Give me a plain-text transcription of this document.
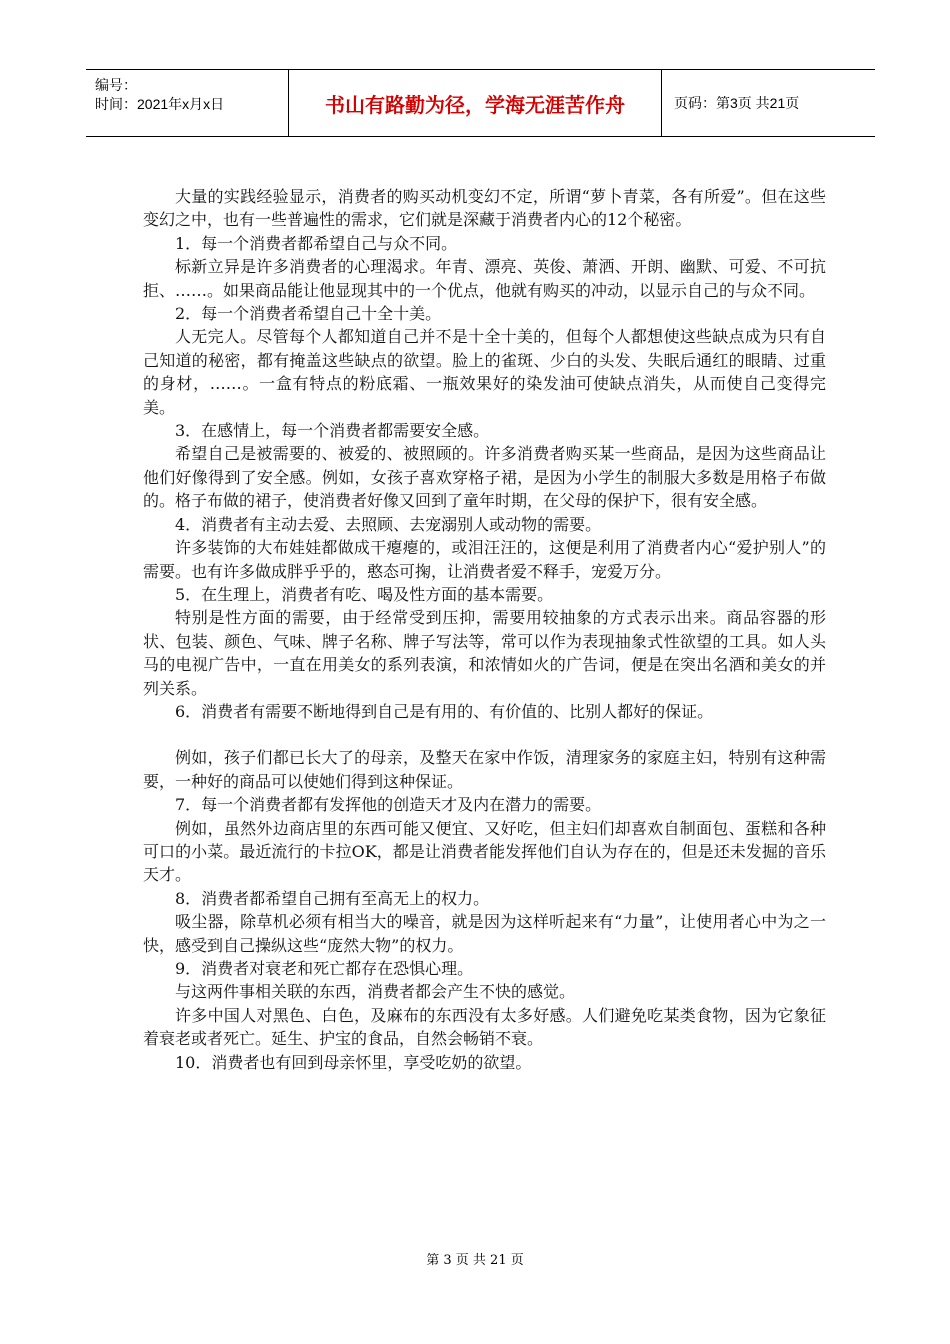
编号：
时间：2021年x月x日	书山有路勤为径，学海无涯苦作舟	页码：第3页 共21页

大量的实践经验显示，消费者的购买动机变幻不定，所谓“萝卜青菜，各有所爱”。但在这些变幻之中，也有一些普遍性的需求，它们就是深藏于消费者内心的12个秘密。

1．每一个消费者都希望自己与众不同。

标新立异是许多消费者的心理渴求。年青、漂亮、英俊、萧洒、开朗、幽默、可爱、不可抗拒、……。如果商品能让他显现其中的一个优点，他就有购买的冲动，以显示自己的与众不同。

2．每一个消费者希望自己十全十美。

人无完人。尽管每个人都知道自己并不是十全十美的，但每个人都想使这些缺点成为只有自己知道的秘密，都有掩盖这些缺点的欲望。脸上的雀斑、少白的头发、失眠后通红的眼睛、过重的身材，……。一盒有特点的粉底霜、一瓶效果好的染发油可使缺点消失，从而使自己变得完美。

3．在感情上，每一个消费者都需要安全感。

希望自己是被需要的、被爱的、被照顾的。许多消费者购买某一些商品，是因为这些商品让他们好像得到了安全感。例如，女孩子喜欢穿格子裙，是因为小学生的制服大多数是用格子布做的。格子布做的裙子，使消费者好像又回到了童年时期，在父母的保护下，很有安全感。

4．消费者有主动去爱、去照顾、去宠溺别人或动物的需要。

许多装饰的大布娃娃都做成干瘪瘪的，或泪汪汪的，这便是利用了消费者内心“爱护别人”的需要。也有许多做成胖乎乎的，憨态可掬，让消费者爱不释手，宠爱万分。

5．在生理上，消费者有吃、喝及性方面的基本需要。

特别是性方面的需要，由于经常受到压抑，需要用较抽象的方式表示出来。商品容器的形状、包装、颜色、气味、牌子名称、牌子写法等，常可以作为表现抽象式性欲望的工具。如人头马的电视广告中，一直在用美女的系列表演，和浓情如火的广告词，便是在突出名酒和美女的并列关系。

6．消费者有需要不断地得到自己是有用的、有价值的、比别人都好的保证。

例如，孩子们都已长大了的母亲，及整天在家中作饭，清理家务的家庭主妇，特别有这种需要，一种好的商品可以使她们得到这种保证。

7．每一个消费者都有发挥他的创造天才及内在潜力的需要。

例如，虽然外边商店里的东西可能又便宜、又好吃，但主妇们却喜欢自制面包、蛋糕和各种可口的小菜。最近流行的卡拉OK，都是让消费者能发挥他们自认为存在的，但是还未发掘的音乐天才。

8．消费者都希望自己拥有至高无上的权力。

吸尘器，除草机必须有相当大的噪音，就是因为这样听起来有“力量”，让使用者心中为之一快，感受到自己操纵这些“庞然大物”的权力。

9．消费者对衰老和死亡都存在恐惧心理。

与这两件事相关联的东西，消费者都会产生不快的感觉。

许多中国人对黑色、白色，及麻布的东西没有太多好感。人们避免吃某类食物，因为它象征着衰老或者死亡。延生、护宝的食品，自然会畅销不衰。

10．消费者也有回到母亲怀里，享受吃奶的欲望。

第 3 页 共 21 页
